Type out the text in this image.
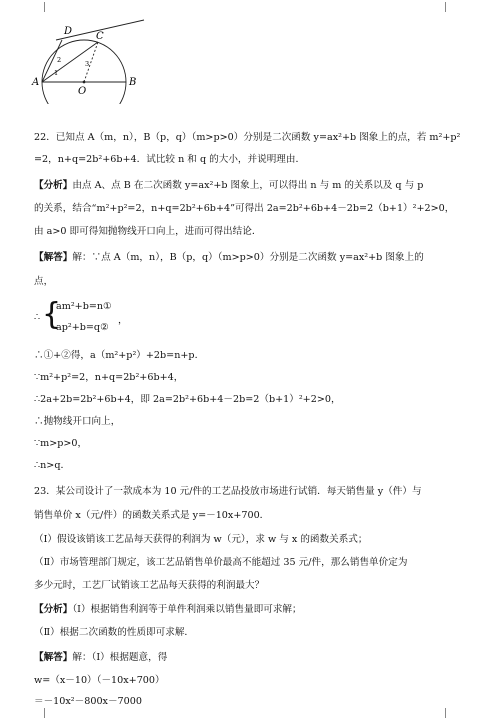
A	B
C
D
O
1
2	3
22．已知点 A（m，n），B（p，q）（m>p>0）分别是二次函数 y=ax²+b 图象上的点，若 m²+p²
=2，n+q=2b²+6b+4．试比较 n 和 q 的大小，并说明理由．
【分析】由点 A、点 B 在二次函数 y=ax²+b 图象上，可以得出 n 与 m 的关系以及 q 与 p
的关系，结合“m²+p²=2，n+q=2b²+6b+4”可得出 2a=2b²+6b+4－2b=2（b+1）²+2>0，
由 a>0 即可得知抛物线开口向上，进而可得出结论．
【解答】解：∵点 A（m，n），B（p，q）（m>p>0）分别是二次函数 y=ax²+b 图象上的
点，
∴ {
am²+b=n①
ap²+b=q②
，
∴①+②得，a（m²+p²）+2b=n+p．
∵m²+p²=2，n+q=2b²+6b+4，
∴2a+2b=2b²+6b+4，即 2a=2b²+6b+4－2b=2（b+1）²+2>0，
∴抛物线开口向上，
∵m>p>0，
∴n>q．
23．某公司设计了一款成本为 10 元/件的工艺品投放市场进行试销．每天销售量 y（件）与
销售单价 x（元/件）的函数关系式是 y=－10x+700．
（Ⅰ）假设该销该工艺品每天获得的利润为 w（元），求 w 与 x 的函数关系式；
（Ⅱ）市场管理部门规定，该工艺品销售单价最高不能超过 35 元/件，那么销售单价定为
多少元时，工艺厂试销该工艺品每天获得的利润最大？
【分析】（Ⅰ）根据销售利润等于单件利润乘以销售量即可求解；
（Ⅱ）根据二次函数的性质即可求解．
【解答】解：（Ⅰ）根据题意，得
w=（x－10）（－10x+700）
＝－10x²－800x－7000
